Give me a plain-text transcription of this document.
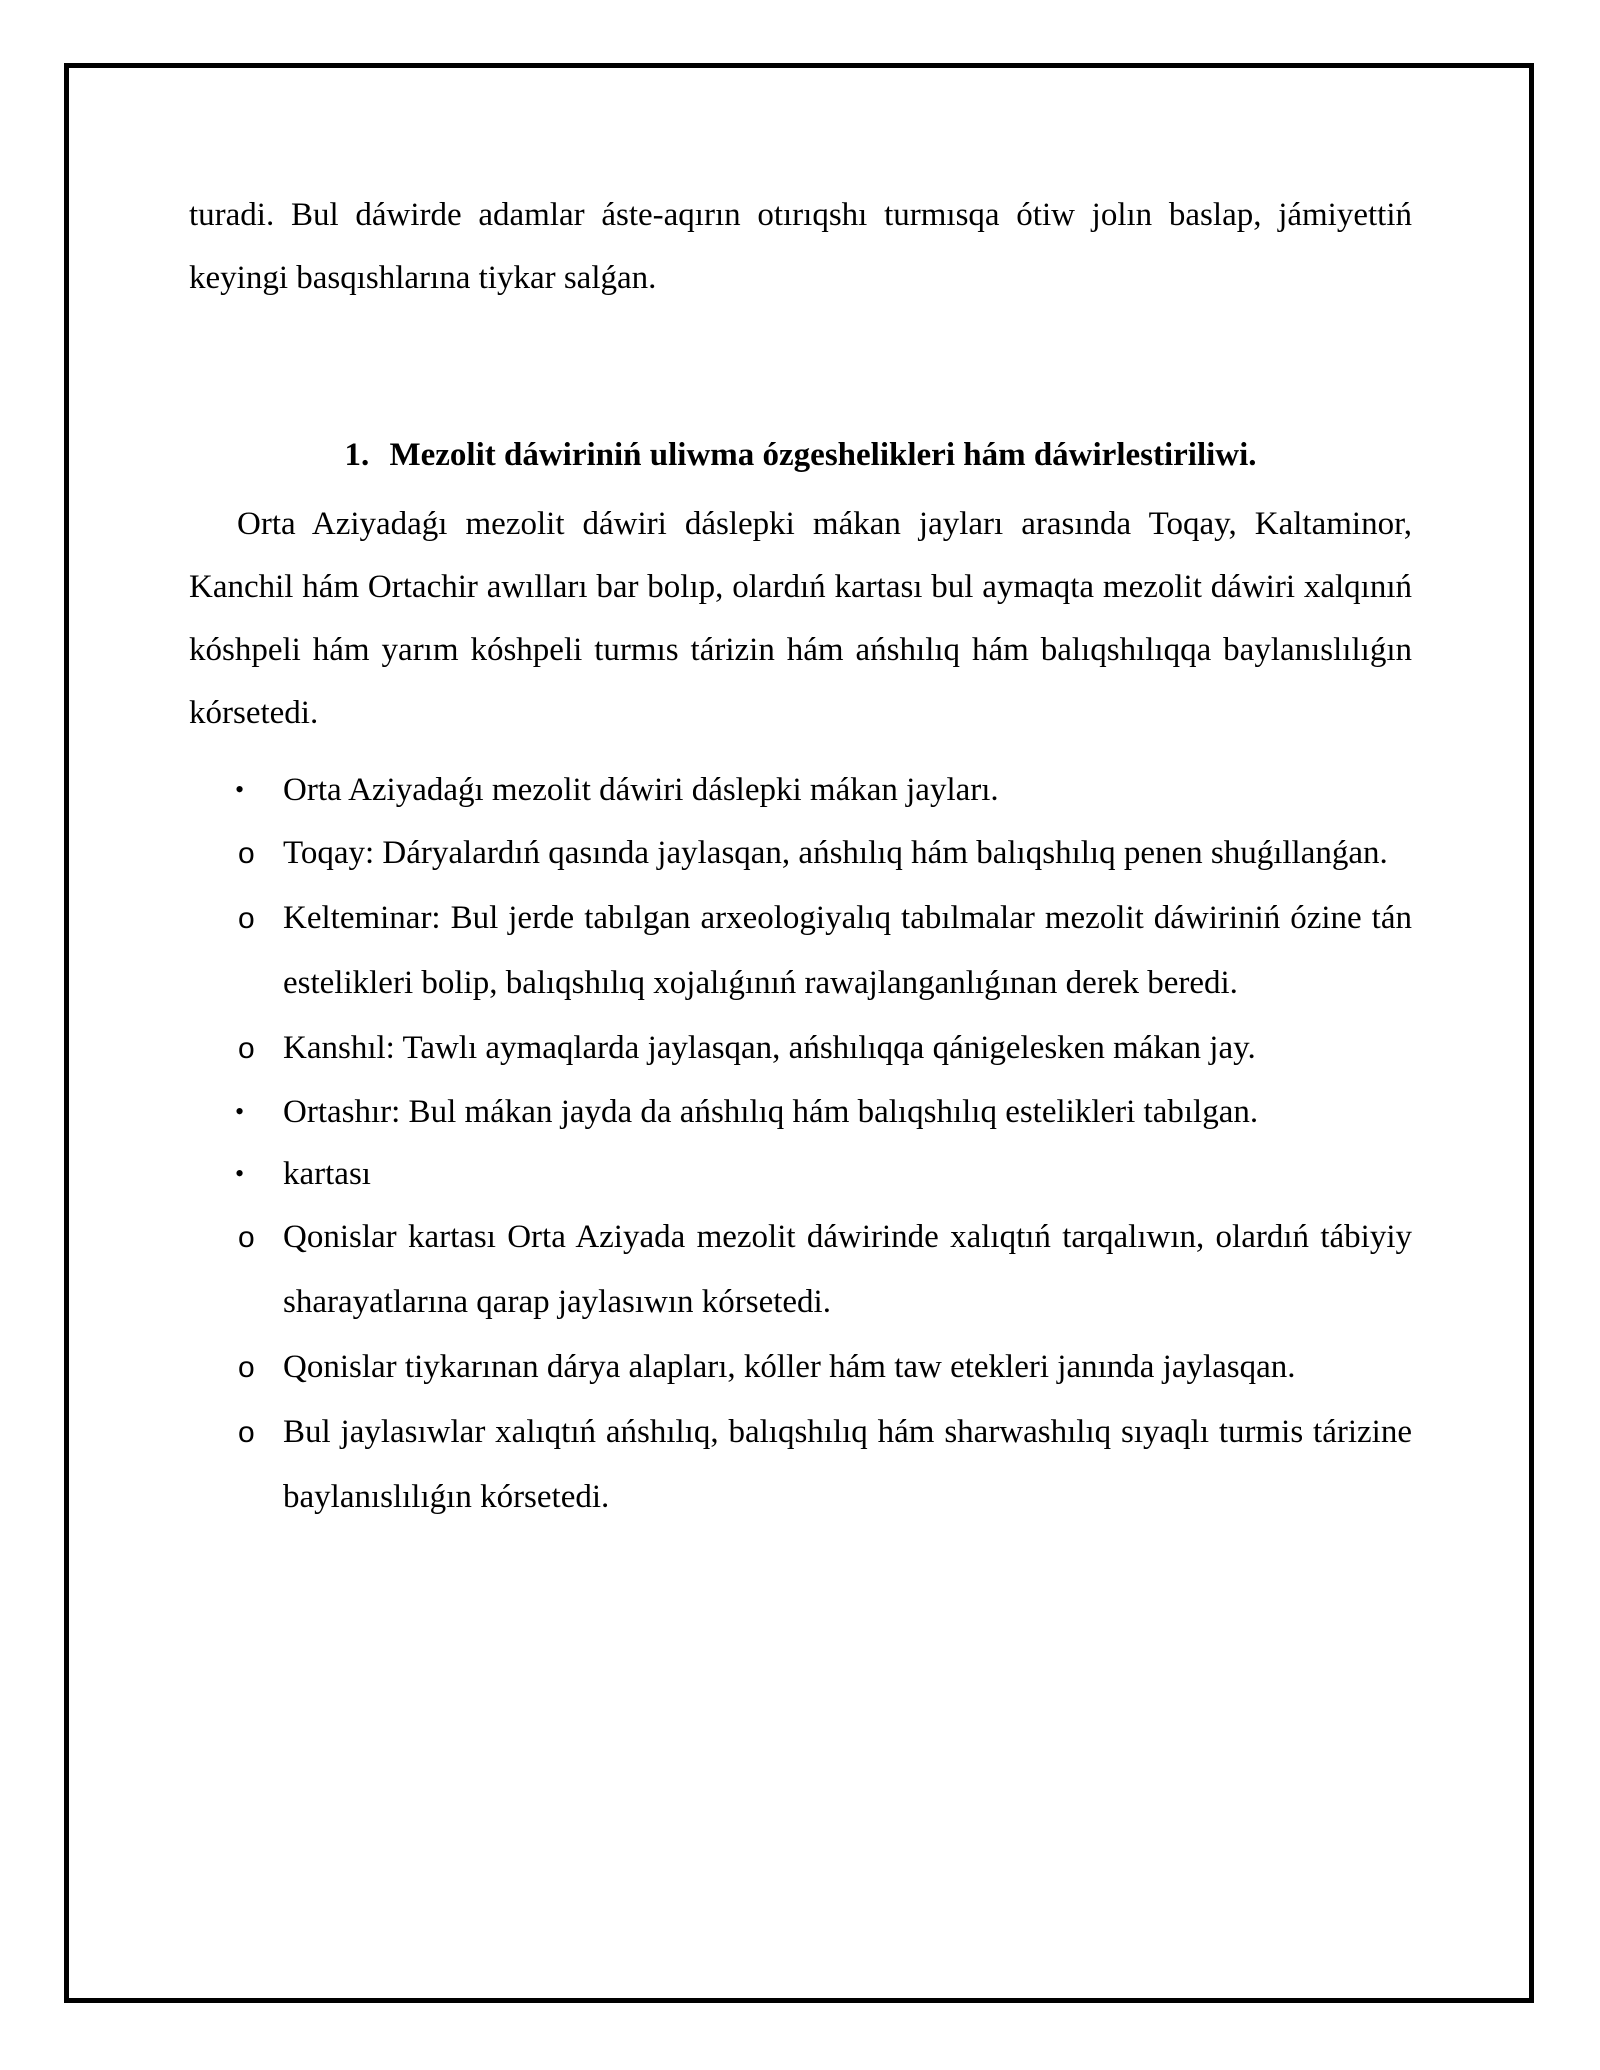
turadi. Bul dáwirde adamlar áste-aqırın otırıqshı turmısqa ótiw jolın baslap, jámiyettiń keyingi basqıshlarına tiykar salǵan.

1. Mezolit dáwiriniń uliwma ózgeshelikleri hám dáwirlestiriliwi.

Orta Aziyadaǵı mezolit dáwiri dáslepki mákan jayları arasında Toqay, Kaltaminor, Kanchil hám Ortachir awılları bar bolıp, olardıń kartası bul aymaqta mezolit dáwiri xalqınıń kóshpeli hám yarım kóshpeli turmıs tárizin hám ańshılıq hám balıqshılıqqa baylanıslılıǵın kórsetedi.

• Orta Aziyadaǵı mezolit dáwiri dáslepki mákan jayları.
o Toqay: Dáryalardıń qasında jaylasqan, ańshılıq hám balıqshılıq penen shuǵıllanǵan.
o Kelteminar: Bul jerde tabılgan arxeologiyalıq tabılmalar mezolit dáwiriniń ózine tán estelikleri bolip, balıqshılıq xojalıǵınıń rawajlanganlıǵınan derek beredi.
o Kanshıl: Tawlı aymaqlarda jaylasqan, ańshılıqqa qánigelesken mákan jay.
• Ortashır: Bul mákan jayda da ańshılıq hám balıqshılıq estelikleri tabılgan.
• kartası
o Qonislar kartası Orta Aziyada mezolit dáwirinde xalıqtıń tarqalıwın, olardıń tábiyiy sharayatlarına qarap jaylasıwın kórsetedi.
o Qonislar tiykarınan dárya alapları, kóller hám taw etekleri janında jaylasqan.
o Bul jaylasıwlar xalıqtıń ańshılıq, balıqshılıq hám sharwashılıq sıyaqlı turmis tárizine baylanıslılıǵın kórsetedi.
